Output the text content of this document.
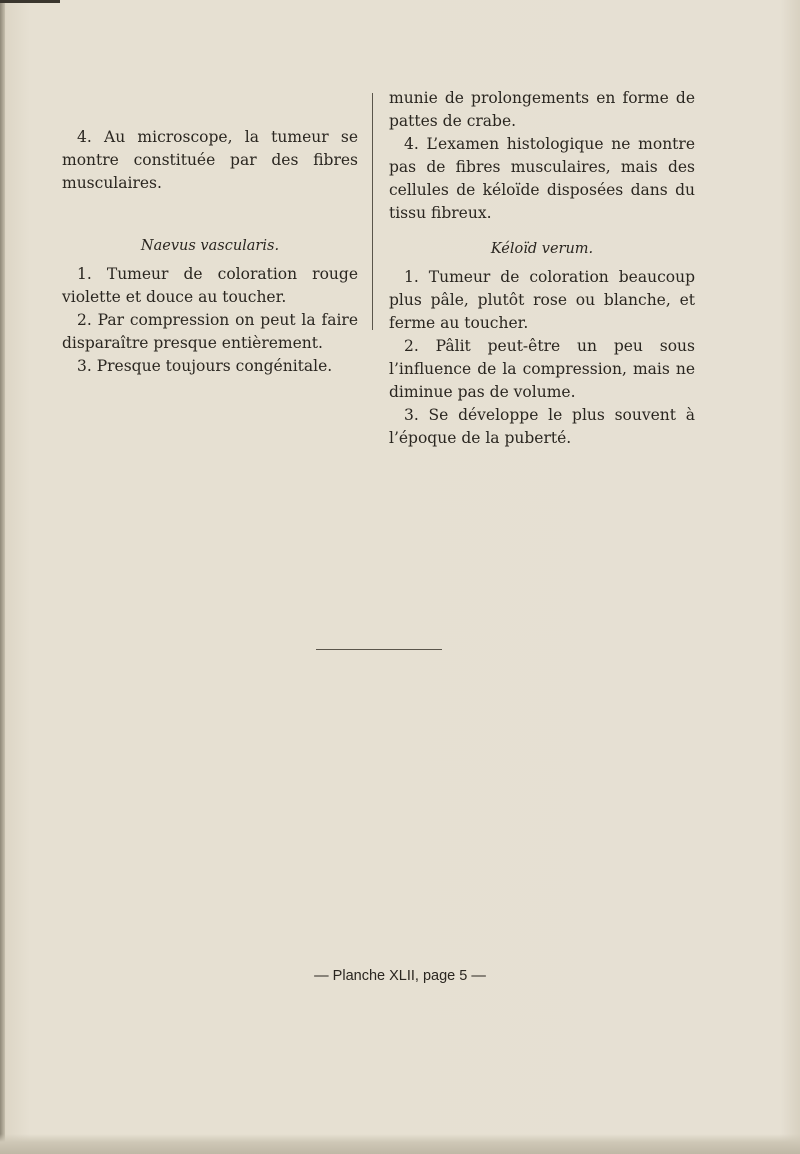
4. Au microscope, la tumeur se montre constituée par des fibres musculaires.

Naevus vascularis.

1. Tumeur de coloration rouge violette et douce au toucher.

2. Par compression on peut la faire disparaître presque entièrement.

3. Presque toujours congénitale.

munie de prolongements en forme de pattes de crabe.

4. L’examen histologique ne montre pas de fibres musculaires, mais des cellules de kéloïde disposées dans du tissu fibreux.

Kéloïd verum.

1. Tumeur de coloration beaucoup plus pâle, plutôt rose ou blanche, et ferme au toucher.

2. Pâlit peut-être un peu sous l’influence de la compression, mais ne diminue pas de volume.

3. Se développe le plus souvent à l’époque de la puberté.

— Planche XLII, page 5 —
